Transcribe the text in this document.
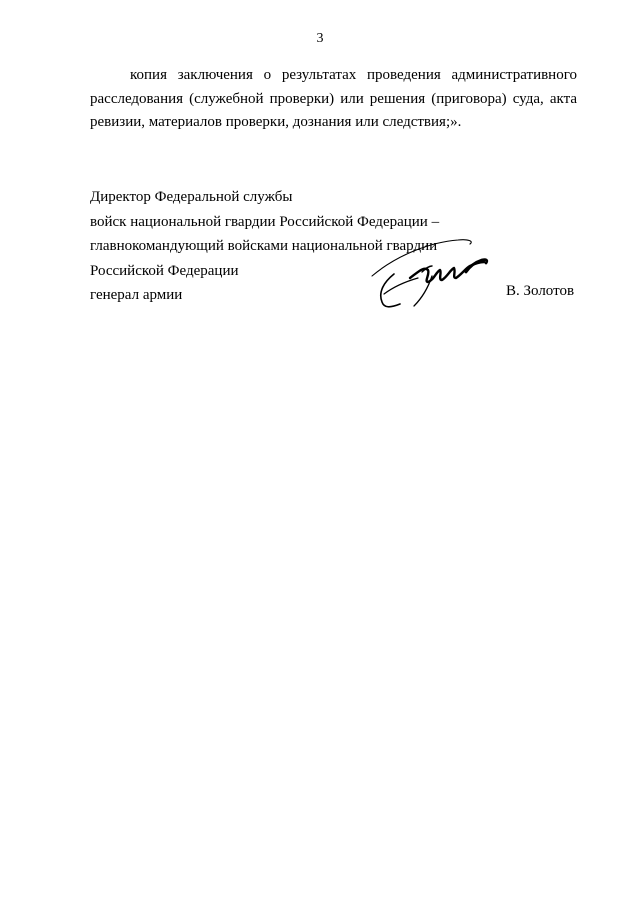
3

копия заключения о результатах проведения административного
расследования (служебной проверки) или решения (приговора) суда, акта
ревизии, материалов проверки, дознания или следствия;».

Директор Федеральной службы
войск национальной гвардии Российской Федерации –
главнокомандующий войсками национальной гвардии
Российской Федерации
генерал армии	В. Золотов
